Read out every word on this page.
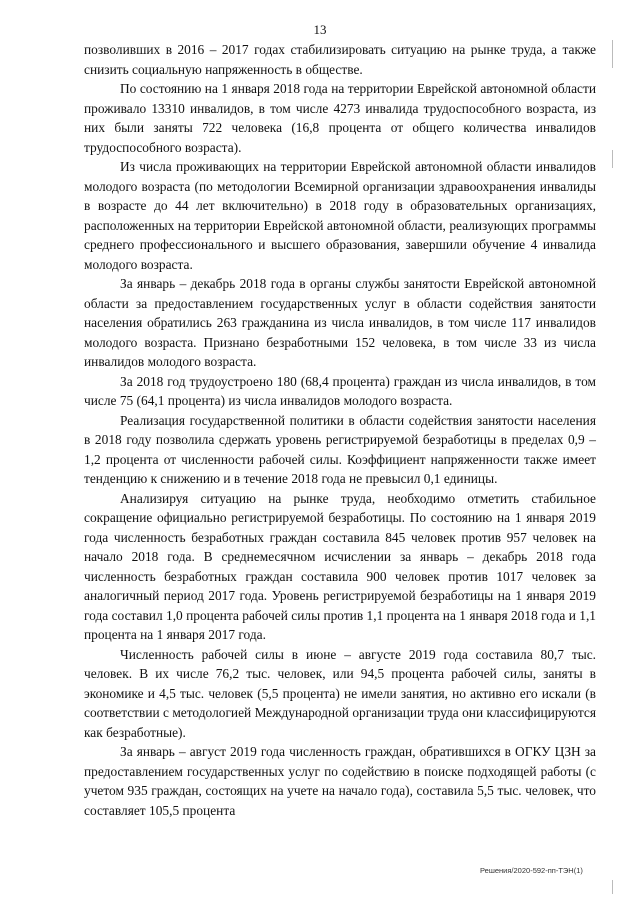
13

позволивших в 2016 – 2017 годах стабилизировать ситуацию на рынке труда, а также снизить социальную напряженность в обществе.

По состоянию на 1 января 2018 года на территории Еврейской автономной области проживало 13310 инвалидов, в том числе 4273 инвалида трудоспособного возраста, из них были заняты 722 человека (16,8 процента от общего количества инвалидов трудоспособного возраста).

Из числа проживающих на территории Еврейской автономной области инвалидов молодого возраста (по методологии Всемирной организации здравоохранения инвалиды в возрасте до 44 лет включительно) в 2018 году в образовательных организациях, расположенных на территории Еврейской автономной области, реализующих программы среднего профессионального и высшего образования, завершили обучение 4 инвалида молодого возраста.

За январь – декабрь 2018 года в органы службы занятости Еврейской автономной области за предоставлением государственных услуг в области содействия занятости населения обратились 263 гражданина из числа инвалидов, в том числе 117 инвалидов молодого возраста. Признано безработными 152 человека, в том числе 33 из числа инвалидов молодого возраста.

За 2018 год трудоустроено 180 (68,4 процента) граждан из числа инвалидов, в том числе 75 (64,1 процента) из числа инвалидов молодого возраста.

Реализация государственной политики в области содействия занятости населения в 2018 году позволила сдержать уровень регистрируемой безработицы в пределах 0,9 – 1,2 процента от численности рабочей силы. Коэффициент напряженности также имеет тенденцию к снижению и в течение 2018 года не превысил 0,1 единицы.

Анализируя ситуацию на рынке труда, необходимо отметить стабильное сокращение официально регистрируемой безработицы. По состоянию на 1 января 2019 года численность безработных граждан составила 845 человек против 957 человек на начало 2018 года. В среднемесячном исчислении за январь – декабрь 2018 года численность безработных граждан составила 900 человек против 1017 человек за аналогичный период 2017 года. Уровень регистрируемой безработицы на 1 января 2019 года составил 1,0 процента рабочей силы против 1,1 процента на 1 января 2018 года и 1,1 процента на 1 января 2017 года.

Численность рабочей силы в июне – августе 2019 года составила 80,7 тыс. человек. В их числе 76,2 тыс. человек, или 94,5 процента рабочей силы, заняты в экономике и 4,5 тыс. человек (5,5 процента) не имели занятия, но активно его искали (в соответствии с методологией Международной организации труда они классифицируются как безработные).

За январь – август 2019 года численность граждан, обратившихся в ОГКУ ЦЗН за предоставлением государственных услуг по содействию в поиске подходящей работы (с учетом 935 граждан, состоящих на учете на начало года), составила 5,5 тыс. человек, что составляет 105,5 процента

Решения/2020-592-пп-ТЭН(1)
